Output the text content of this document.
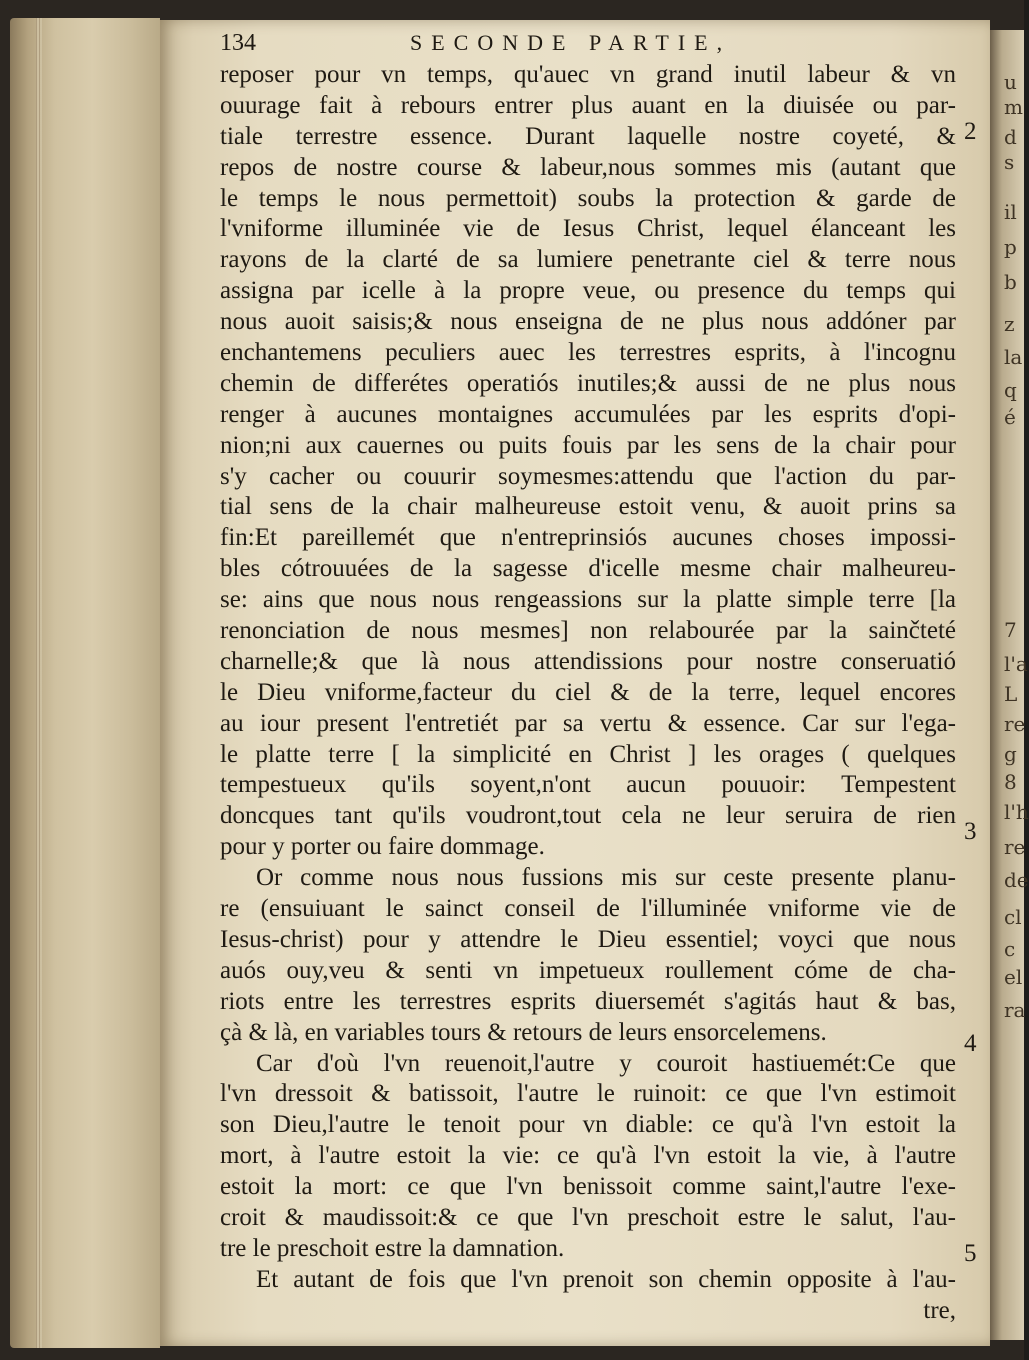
u
m
d
s
il
p
b
z
la
q
é
7
l'a
L
re
g
8
l'h
re
de
cl
c
el
ra
2
3
4
5
134	SECONDE PARTIE,
reposer pour vn temps, qu'auec vn grand inutil labeur & vn
ouurage fait à rebours entrer plus auant en la diuisée ou par-
tiale terrestre essence. Durant laquelle nostre coyeté, &
repos de nostre course & labeur,nous sommes mis (autant que
le temps le nous permettoit) soubs la protection & garde de
l'vniforme illuminée vie de Iesus Christ, lequel élanceant les
rayons de la clarté de sa lumiere penetrante ciel & terre nous
assigna par icelle à la propre veue, ou presence du temps qui
nous auoit saisis;& nous enseigna de ne plus nous addóner par
enchantemens peculiers auec les terrestres esprits, à l'incognu
chemin de differétes operatiós inutiles;& aussi de ne plus nous
renger à aucunes montaignes accumulées par les esprits d'opi-
nion;ni aux cauernes ou puits fouis par les sens de la chair pour
s'y cacher ou couurir soymesmes:attendu que l'action du par-
tial sens de la chair malheureuse estoit venu, & auoit prins sa
fin:Et pareillemét que n'entreprinsiós aucunes choses impossi-
bles cótrouuées de la sagesse d'icelle mesme chair malheureu-
se: ains que nous nous rengeassions sur la platte simple terre [la
renonciation de nous mesmes] non relabourée par la sainčteté
charnelle;& que là nous attendissions pour nostre conseruatió
le Dieu vniforme,facteur du ciel & de la terre, lequel encores
au iour present l'entretiét par sa vertu & essence. Car sur l'ega-
le platte terre [ la simplicité en Christ ] les orages ( quelques
tempestueux qu'ils soyent,n'ont aucun pouuoir: Tempestent
doncques tant qu'ils voudront,tout cela ne leur seruira de rien
pour y porter ou faire dommage.
Or comme nous nous fussions mis sur ceste presente planu-
re (ensuiuant le sainct conseil de l'illuminée vniforme vie de
Iesus-christ) pour y attendre le Dieu essentiel; voyci que nous
auós ouy,veu & senti vn impetueux roullement cóme de cha-
riots entre les terrestres esprits diuersemét s'agitás haut & bas,
çà & là, en variables tours & retours de leurs ensorcelemens.
Car d'où l'vn reuenoit,l'autre y couroit hastiuemét:Ce que
l'vn dressoit & batissoit, l'autre le ruinoit: ce que l'vn estimoit
son Dieu,l'autre le tenoit pour vn diable: ce qu'à l'vn estoit la
mort, à l'autre estoit la vie: ce qu'à l'vn estoit la vie, à l'autre
estoit la mort: ce que l'vn benissoit comme saint,l'autre l'exe-
croit & maudissoit:& ce que l'vn preschoit estre le salut, l'au-
tre le preschoit estre la damnation.
Et autant de fois que l'vn prenoit son chemin opposite à l'au-
tre,
